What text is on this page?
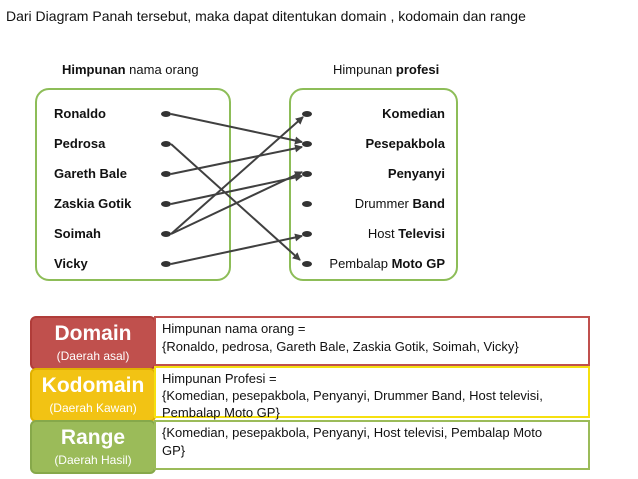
Dari Diagram Panah tersebut, maka dapat ditentukan domain , kodomain dan range
Himpunan nama orang	Himpunan profesi
Ronaldo
Pedrosa
Gareth Bale
Zaskia Gotik
Soimah
Vicky
Komedian
Pesepakbola
Penyanyi
Drummer Band
Host Televisi
Pembalap Moto GP
Domain
(Daerah asal)
Himpunan nama orang =
{Ronaldo, pedrosa, Gareth Bale, Zaskia Gotik, Soimah, Vicky}
Kodomain
(Daerah Kawan)
Himpunan Profesi =
{Komedian, pesepakbola, Penyanyi, Drummer Band, Host televisi,
Pembalap Moto GP}
Range
(Daerah Hasil)
{Komedian, pesepakbola, Penyanyi, Host televisi, Pembalap Moto
GP}
